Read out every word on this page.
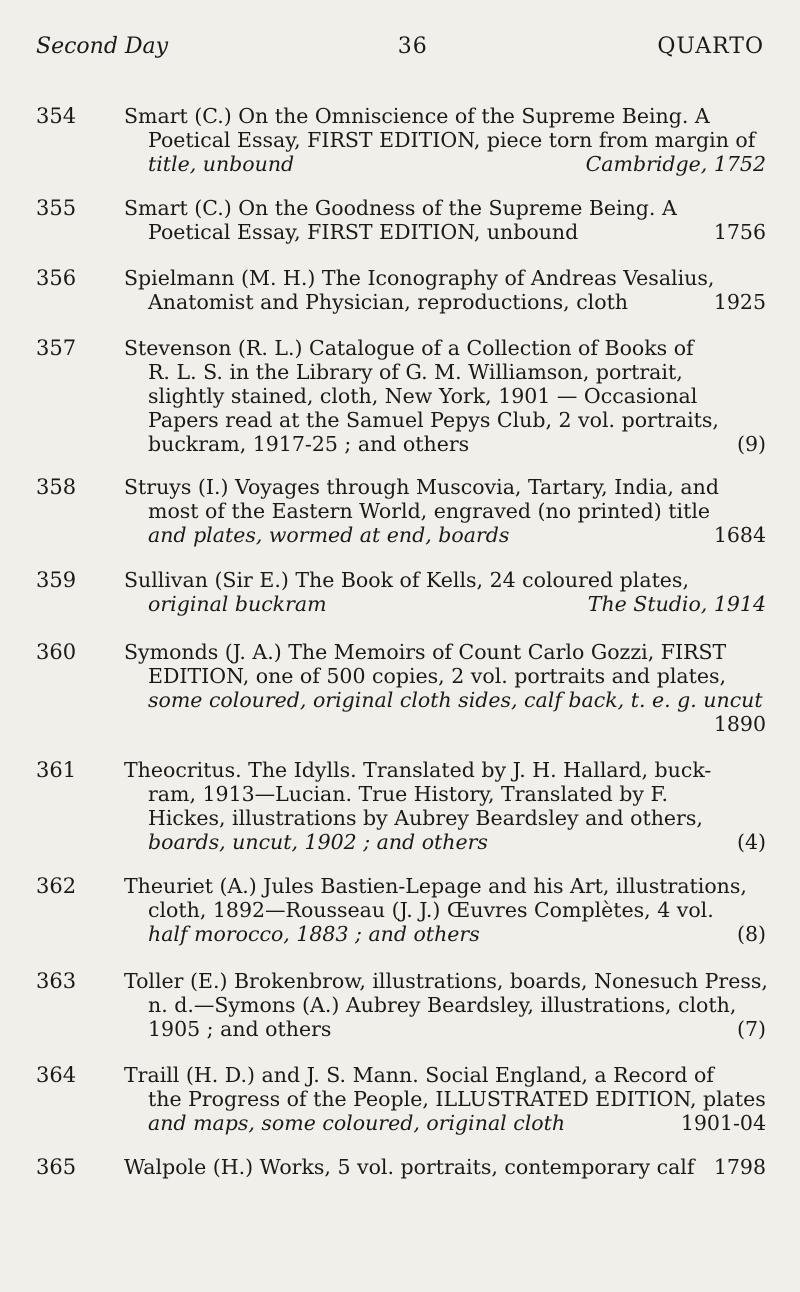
Second Day	36	QUARTO
354	Smart (C.) On the Omniscience of the Supreme Being. A
Poetical Essay, FIRST EDITION, piece torn from margin of
title, unbound	Cambridge, 1752
355	Smart (C.) On the Goodness of the Supreme Being. A
Poetical Essay, FIRST EDITION, unbound	1756
356	Spielmann (M. H.) The Iconography of Andreas Vesalius,
Anatomist and Physician, reproductions, cloth	1925
357	Stevenson (R. L.) Catalogue of a Collection of Books of
R. L. S. in the Library of G. M. Williamson, portrait,
slightly stained, cloth, New York, 1901 — Occasional
Papers read at the Samuel Pepys Club, 2 vol. portraits,
buckram, 1917-25 ; and others	(9)
358	Struys (I.) Voyages through Muscovia, Tartary, India, and
most of the Eastern World, engraved (no printed) title
and plates, wormed at end, boards	1684
359	Sullivan (Sir E.) The Book of Kells, 24 coloured plates,
original buckram	The Studio, 1914
360	Symonds (J. A.) The Memoirs of Count Carlo Gozzi, FIRST
EDITION, one of 500 copies, 2 vol. portraits and plates,
some coloured, original cloth sides, calf back, t. e. g. uncut
1890
361	Theocritus. The Idylls. Translated by J. H. Hallard, buck-
ram, 1913—Lucian. True History, Translated by F.
Hickes, illustrations by Aubrey Beardsley and others,
boards, uncut, 1902 ; and others	(4)
362	Theuriet (A.) Jules Bastien-Lepage and his Art, illustrations,
cloth, 1892—Rousseau (J. J.) Œuvres Complètes, 4 vol.
half morocco, 1883 ; and others	(8)
363	Toller (E.) Brokenbrow, illustrations, boards, Nonesuch Press,
n. d.—Symons (A.) Aubrey Beardsley, illustrations, cloth,
1905 ; and others	(7)
364	Traill (H. D.) and J. S. Mann. Social England, a Record of
the Progress of the People, ILLUSTRATED EDITION, plates
and maps, some coloured, original cloth	1901-04
365	Walpole (H.) Works, 5 vol. portraits, contemporary calf 1798
